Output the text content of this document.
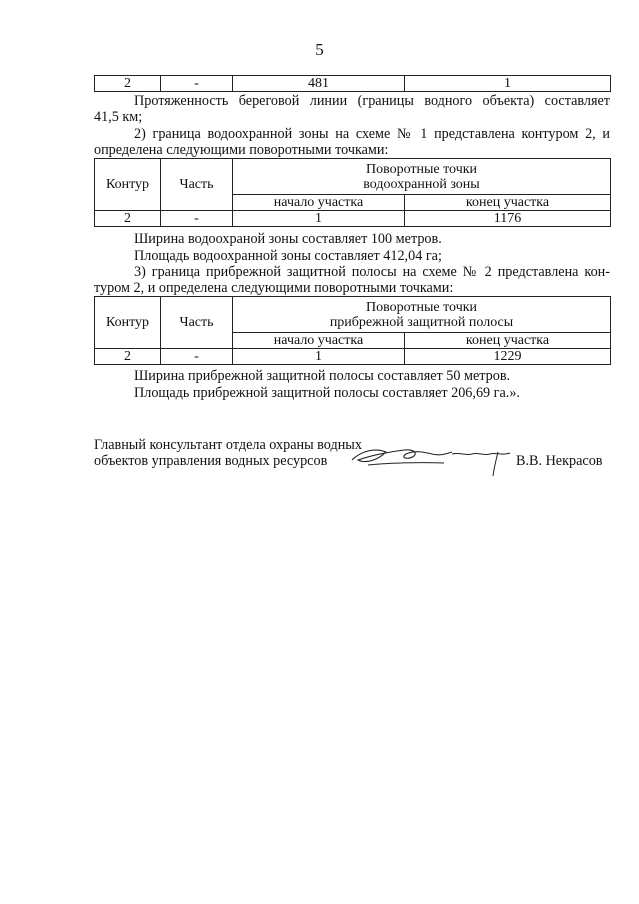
5
2	-	481	1
Протяженность береговой линии (границы водного объекта) составляет
41,5 км;
2) граница водоохранной зоны на схеме № 1 представлена контуром 2, и
определена следующими поворотными точками:
Контур	Часть	Поворотные точки
водоохранной зоны	

		начало участка	конец участка
2	-	1	1176
Ширина водоохраной зоны составляет 100 метров.
Площадь водоохранной зоны составляет 412,04 га;
3) граница прибрежной защитной полосы на схеме № 2 представлена кон-
туром 2, и определена следующими поворотными точками:
Контур	Часть	Поворотные точки
прибрежной защитной полосы	

		начало участка	конец участка
2	-	1	1229
Ширина прибрежной защитной полосы составляет 50 метров.
Площадь прибрежной защитной полосы составляет 206,69 га.».
Главный консультант отдела охраны водных
объектов управления водных ресурсов	В.В. Некрасов
